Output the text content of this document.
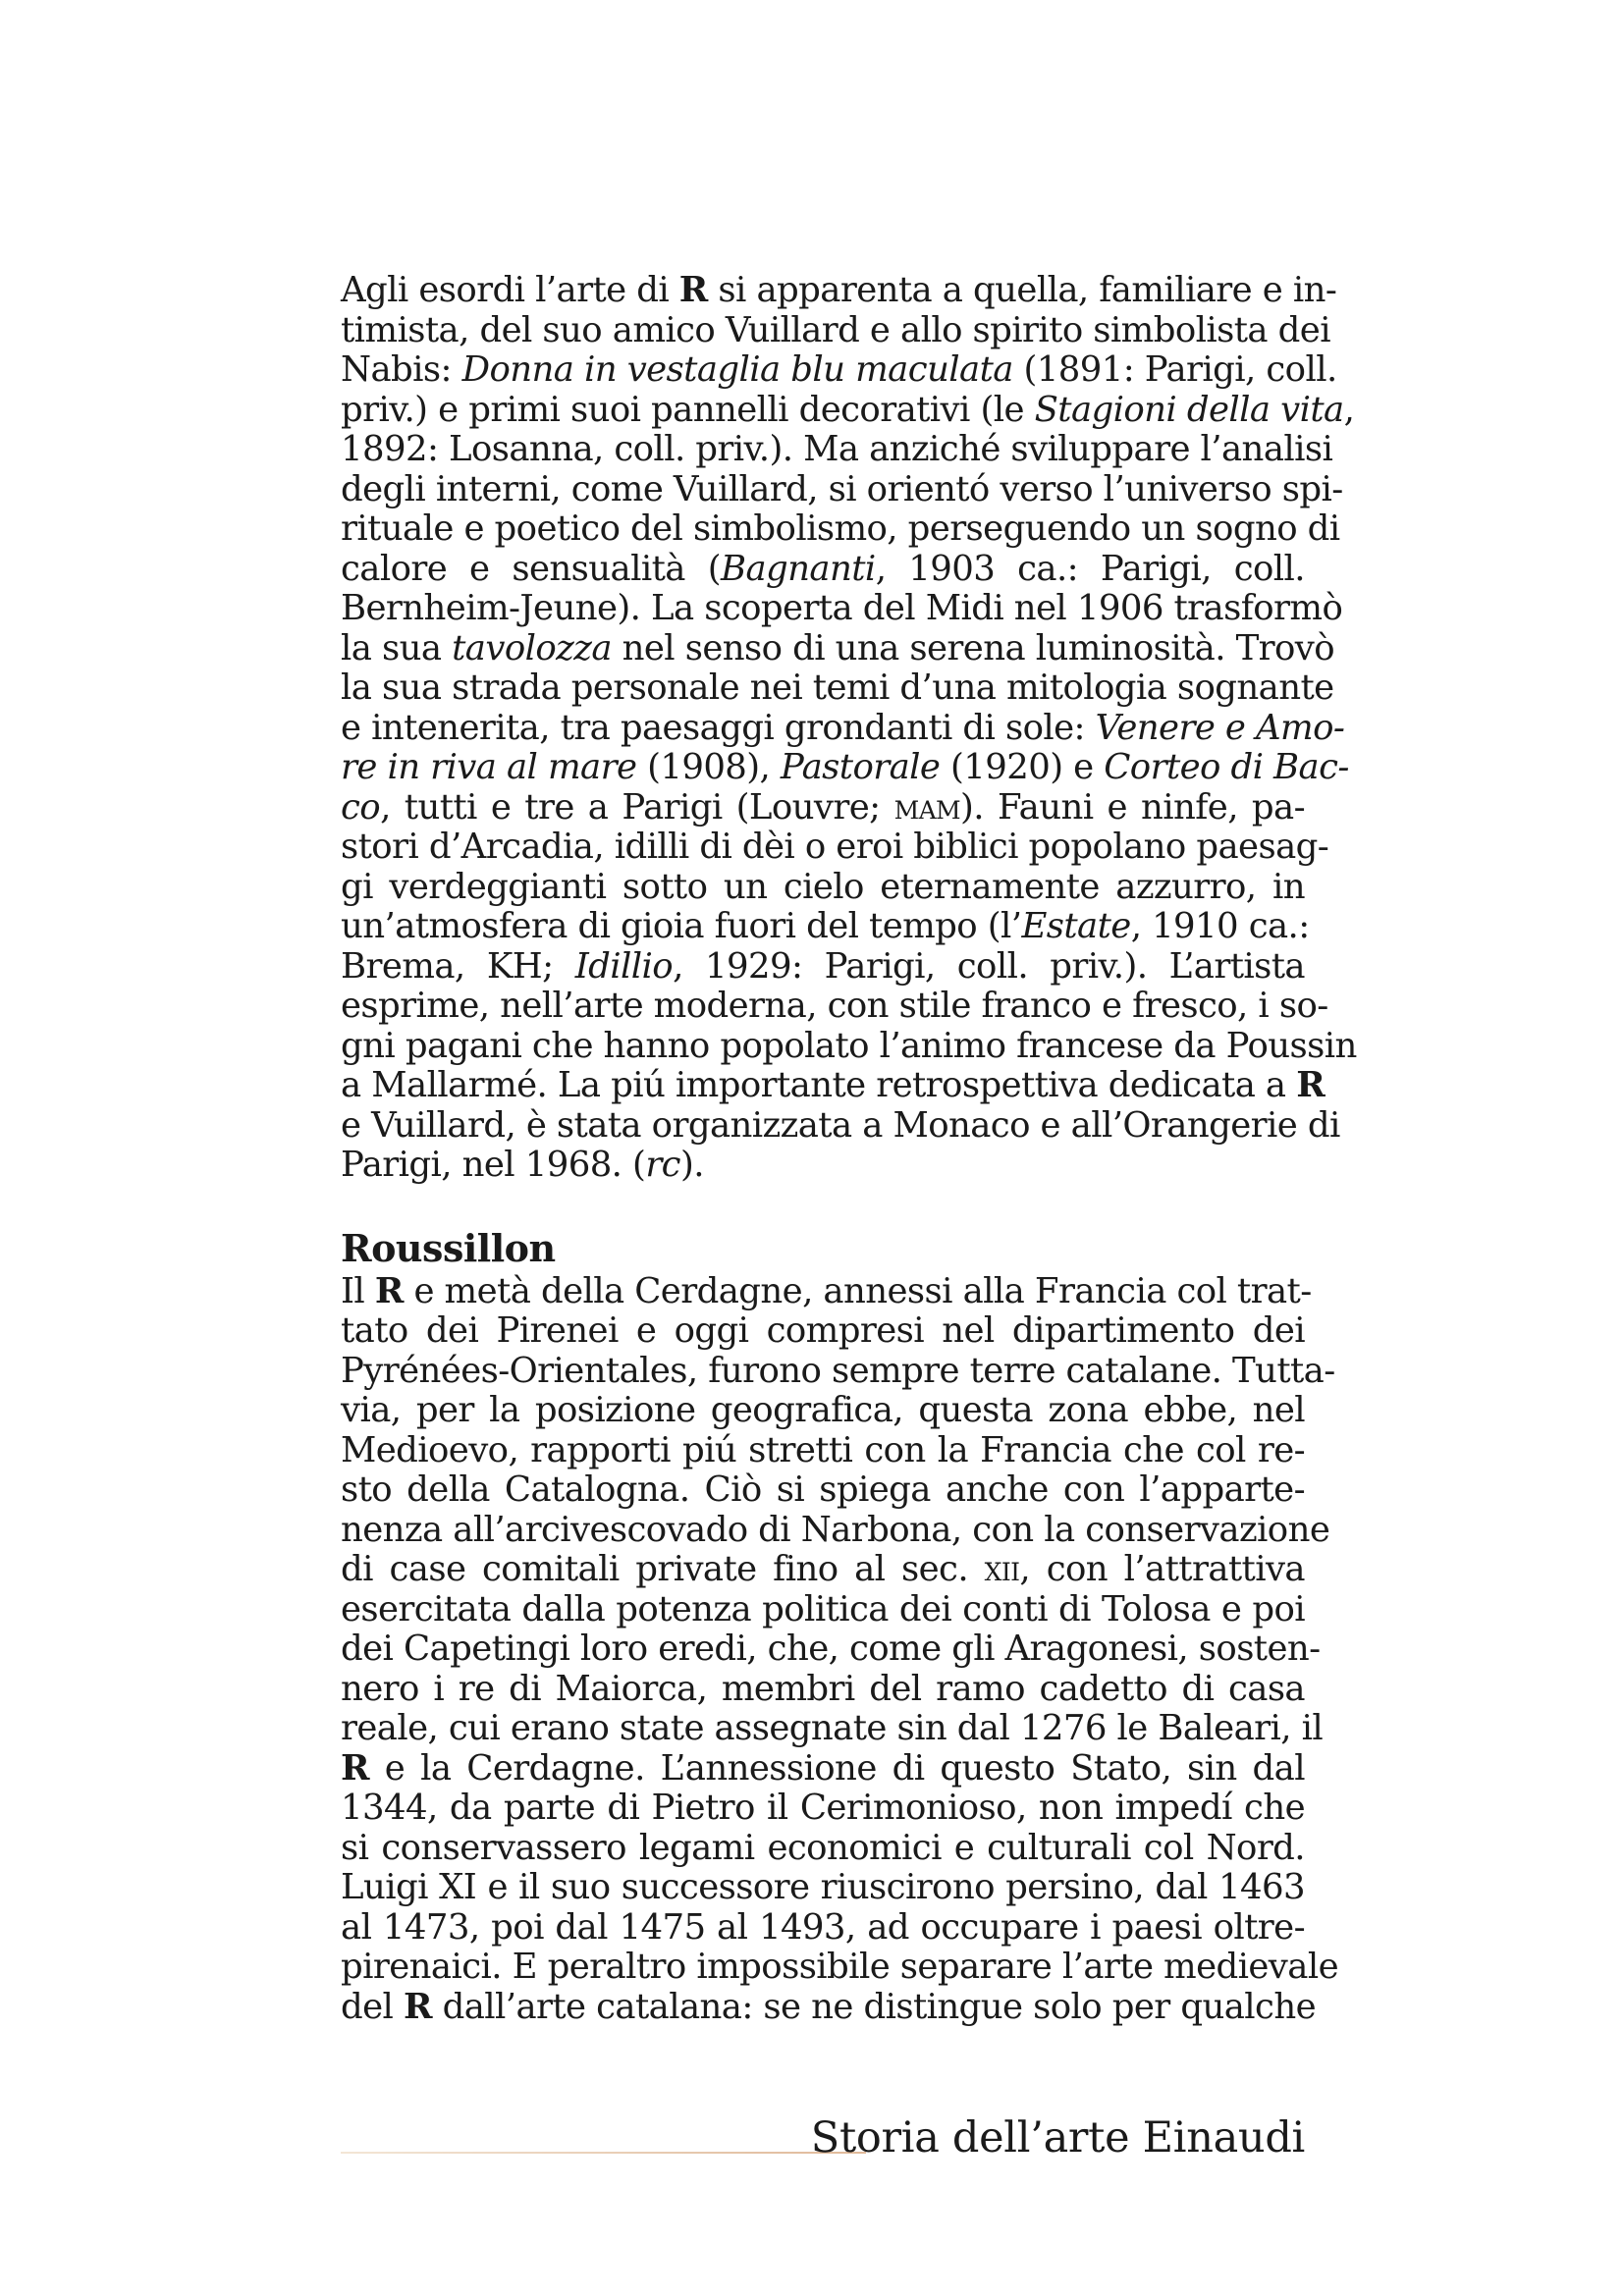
Agli esordi l’arte di R si apparenta a quella, familiare e in-
timista, del suo amico Vuillard e allo spirito simbolista dei
Nabis: Donna in vestaglia blu maculata (1891: Parigi, coll.
priv.) e primi suoi pannelli decorativi (le Stagioni della vita,
1892: Losanna, coll. priv.). Ma anziché sviluppare l’analisi
degli interni, come Vuillard, si orientó verso l’universo spi-
rituale e poetico del simbolismo, perseguendo un sogno di
calore e sensualità (Bagnanti, 1903 ca.: Parigi, coll.
Bernheim-Jeune). La scoperta del Midi nel 1906 trasformò
la sua tavolozza nel senso di una serena luminosità. Trovò
la sua strada personale nei temi d’una mitologia sognante
e intenerita, tra paesaggi grondanti di sole: Venere e Amo-
re in riva al mare (1908), Pastorale (1920) e Corteo di Bac-
co, tutti e tre a Parigi (Louvre; mam). Fauni e ninfe, pa-
stori d’Arcadia, idilli di dèi o eroi biblici popolano paesag-
gi verdeggianti sotto un cielo eternamente azzurro, in
un’atmosfera di gioia fuori del tempo (l’Estate, 1910 ca.:
Brema, KH; Idillio, 1929: Parigi, coll. priv.). L’artista
esprime, nell’arte moderna, con stile franco e fresco, i so-
gni pagani che hanno popolato l’animo francese da Poussin
a Mallarmé. La piú importante retrospettiva dedicata a R
e Vuillard, è stata organizzata a Monaco e all’Orangerie di
Parigi, nel 1968. (rc).
Roussillon
Il R e metà della Cerdagne, annessi alla Francia col trat-
tato dei Pirenei e oggi compresi nel dipartimento dei
Pyrénées-Orientales, furono sempre terre catalane. Tutta-
via, per la posizione geografica, questa zona ebbe, nel
Medioevo, rapporti piú stretti con la Francia che col re-
sto della Catalogna. Ciò si spiega anche con l’apparte-
nenza all’arcivescovado di Narbona, con la conservazione
di case comitali private fino al sec. xii, con l’attrattiva
esercitata dalla potenza politica dei conti di Tolosa e poi
dei Capetingi loro eredi, che, come gli Aragonesi, sosten-
nero i re di Maiorca, membri del ramo cadetto di casa
reale, cui erano state assegnate sin dal 1276 le Baleari, il
R e la Cerdagne. L’annessione di questo Stato, sin dal
1344, da parte di Pietro il Cerimonioso, non impedí che
si conservassero legami economici e culturali col Nord.
Luigi XI e il suo successore riuscirono persino, dal 1463
al 1473, poi dal 1475 al 1493, ad occupare i paesi oltre-
pirenaici. E peraltro impossibile separare l’arte medievale
del R dall’arte catalana: se ne distingue solo per qualche
Storia dell’arte Einaudi
